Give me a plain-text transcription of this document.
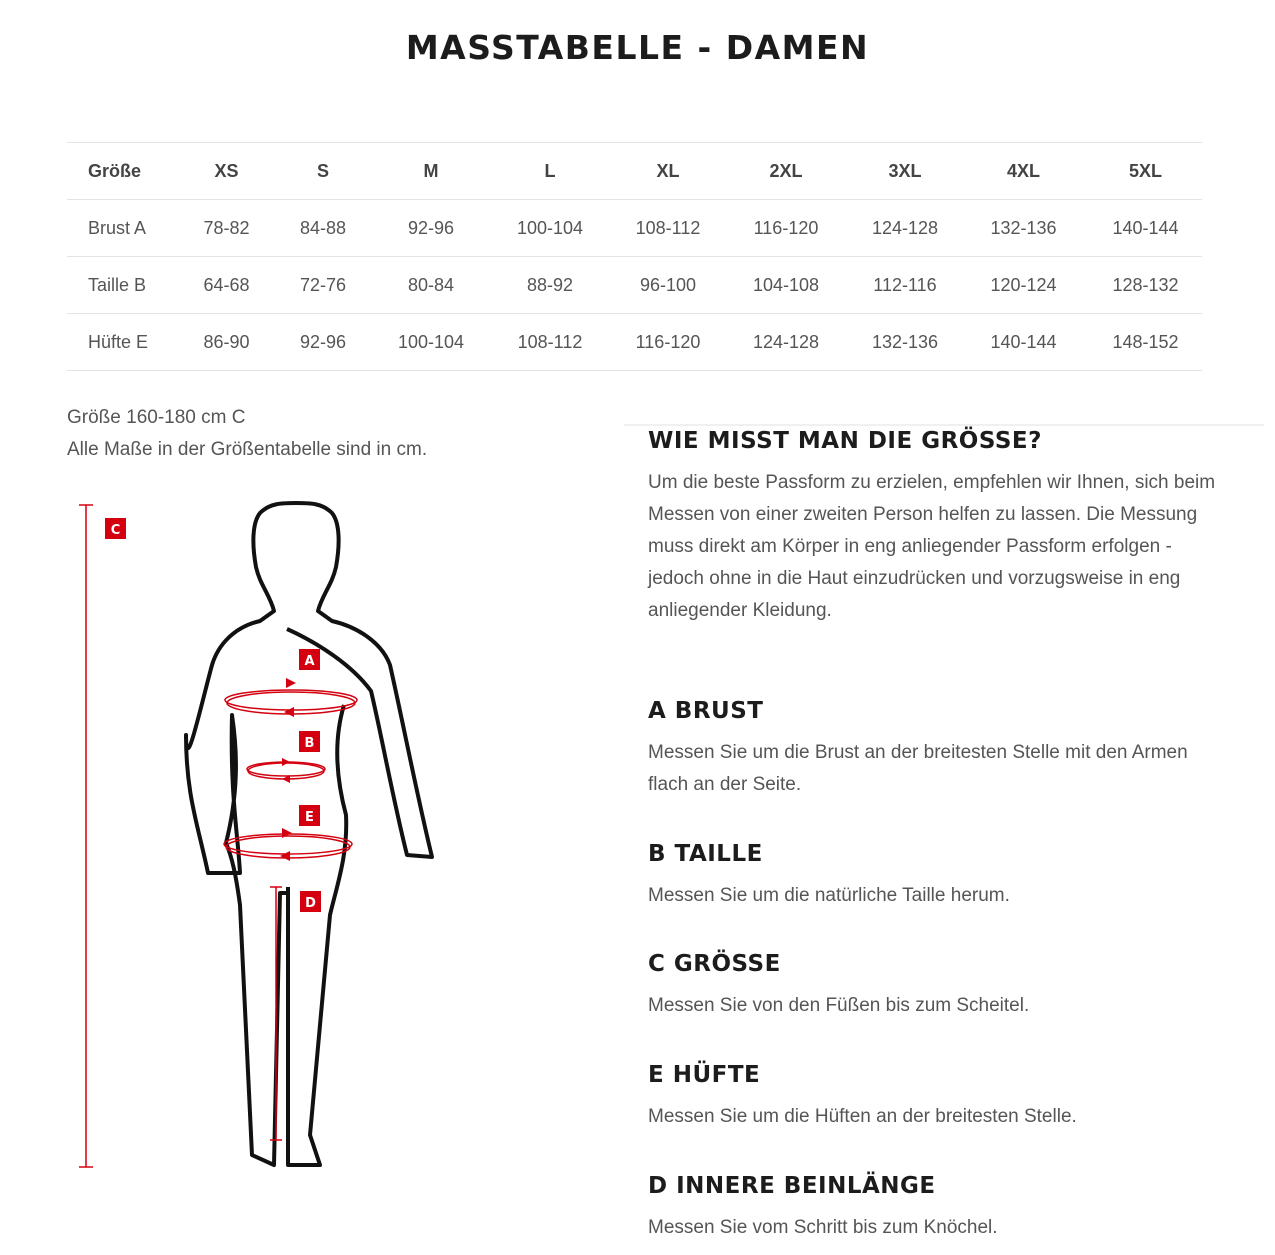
MASSTABELLE - DAMEN
Größe	XS	S	M	L	XL	2XL	3XL	4XL	5XL
Brust A	78-82	84-88	92-96	100-104	108-112	116-120	124-128	132-136	140-144
Taille B	64-68	72-76	80-84	88-92	96-100	104-108	112-116	120-124	128-132
Hüfte E	86-90	92-96	100-104	108-112	116-120	124-128	132-136	140-144	148-152
Größe 160-180 cm C
Alle Maße in der Größentabelle sind in cm.
C
A
B
E
D
WIE MISST MAN DIE GRÖSSE?

Um die beste Passform zu erzielen, empfehlen wir Ihnen, sich beim Messen von einer zweiten Person helfen zu lassen. Die Messung muss direkt am Körper in eng anliegender Passform erfolgen - jedoch ohne in die Haut einzudrücken und vorzugsweise in eng anliegender Kleidung.

A BRUST

Messen Sie um die Brust an der breitesten Stelle mit den Armen flach an der Seite.

B TAILLE

Messen Sie um die natürliche Taille herum.

C GRÖSSE

Messen Sie von den Füßen bis zum Scheitel.

E HÜFTE

Messen Sie um die Hüften an der breitesten Stelle.

D INNERE BEINLÄNGE

Messen Sie vom Schritt bis zum Knöchel.
